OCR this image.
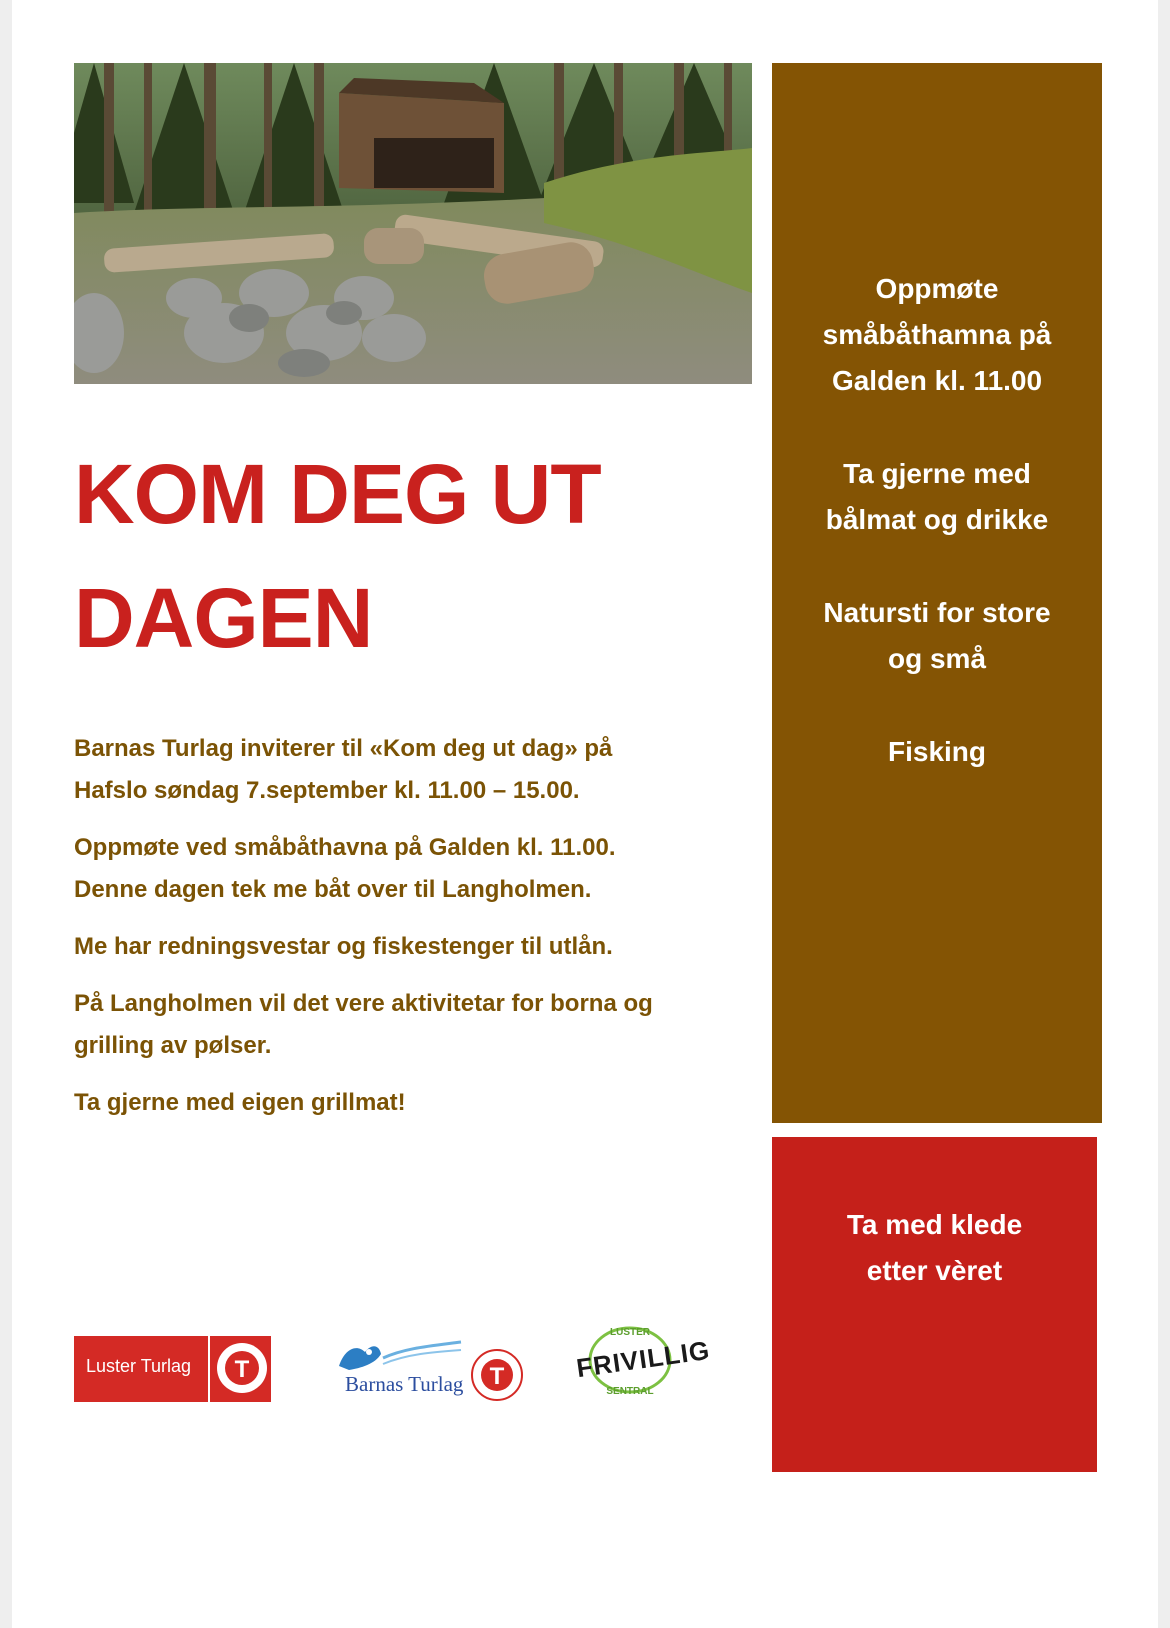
KOM DEG UT
DAGEN

Barnas Turlag inviterer til «Kom deg ut dag» på
Hafslo søndag 7.september kl. 11.00 – 15.00.

Oppmøte ved småbåthavna på Galden kl. 11.00.
Denne dagen tek me båt over til Langholmen.

Me har redningsvestar og fiskestenger til utlån.

På Langholmen vil det vere aktivitetar for borna og
grilling av pølser.

Ta gjerne med eigen grillmat!

Oppmøte
småbåthamna på
Galden kl. 11.00
Ta gjerne med
bålmat og drikke
Natursti for store
og små
Fisking
Ta med klede
etter vèret
Luster Turlag T
Barnas Turlag T
LUSTER
SENTRAL
FRIVILLIG
